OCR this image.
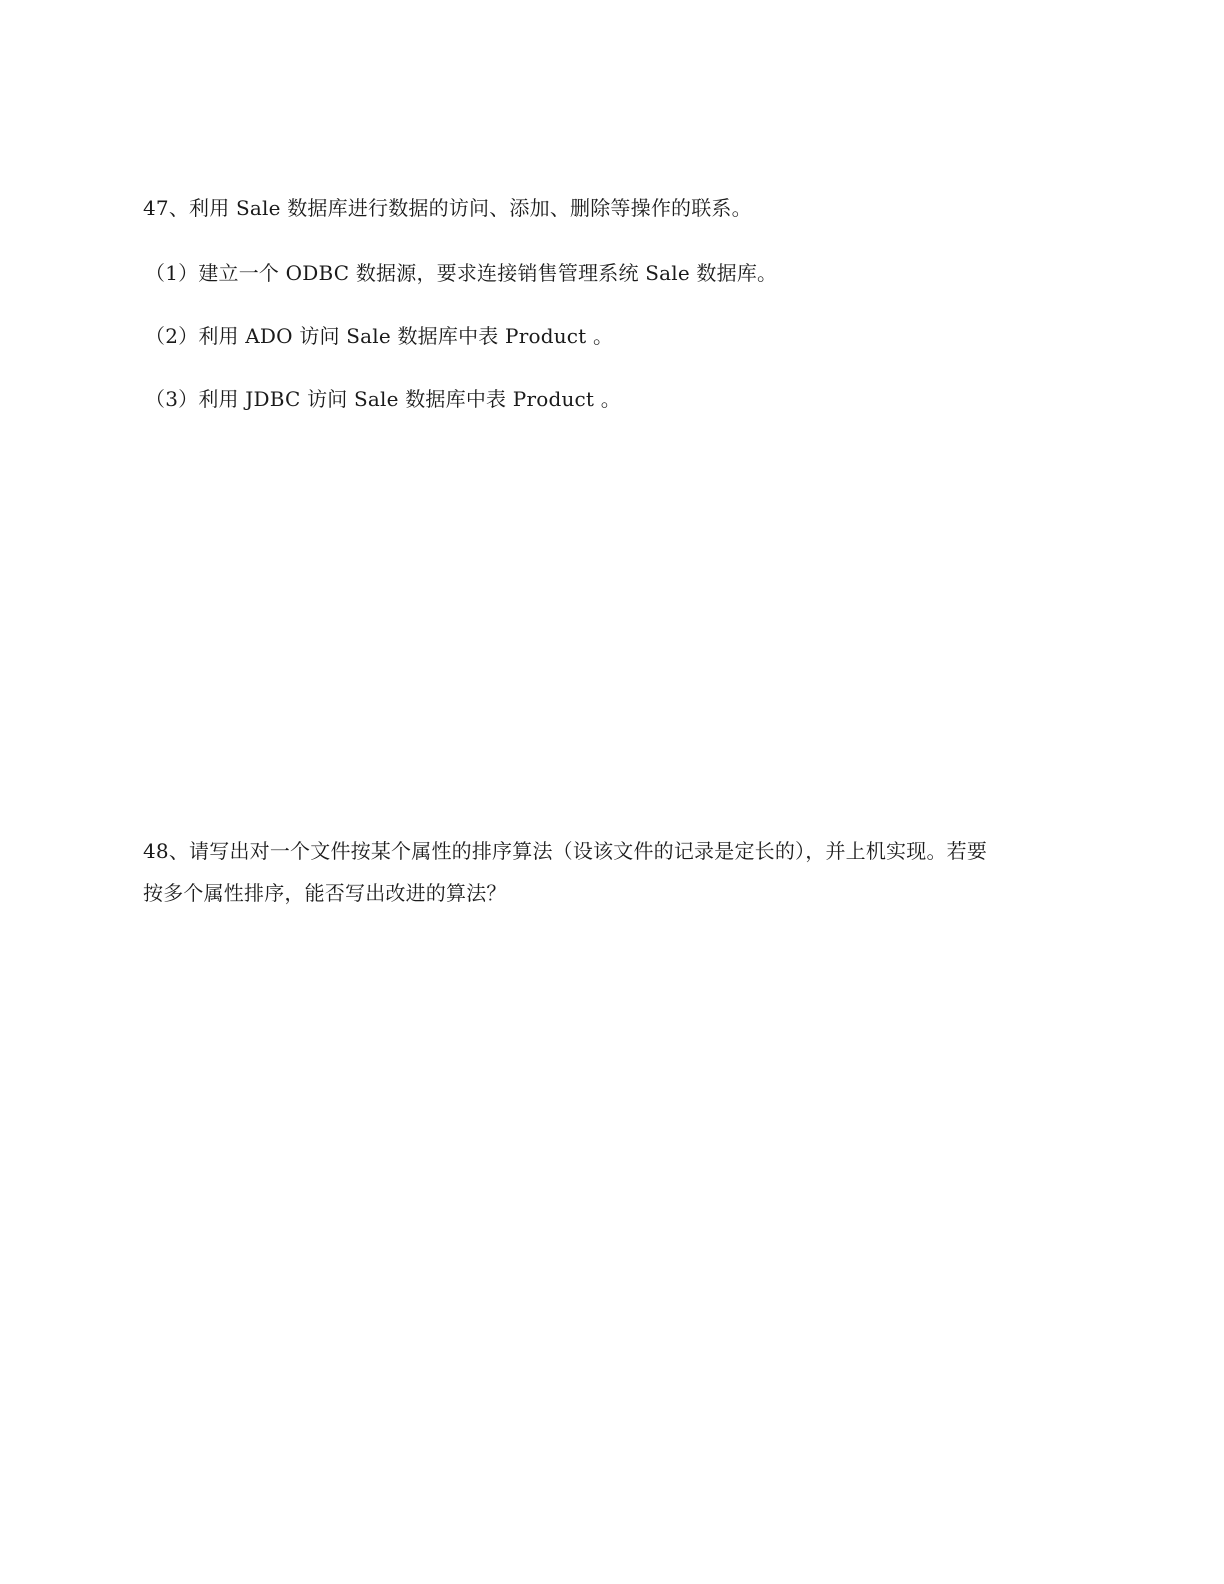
47、利用 Sale 数据库进行数据的访问、添加、删除等操作的联系。
（1）建立一个 ODBC 数据源，要求连接销售管理系统 Sale 数据库。
（2）利用 ADO 访问 Sale 数据库中表 Product 。
（3）利用 JDBC 访问 Sale 数据库中表 Product 。
48、请写出对一个文件按某个属性的排序算法（设该文件的记录是定长的），并上机实现。若要
按多个属性排序，能否写出改进的算法？
